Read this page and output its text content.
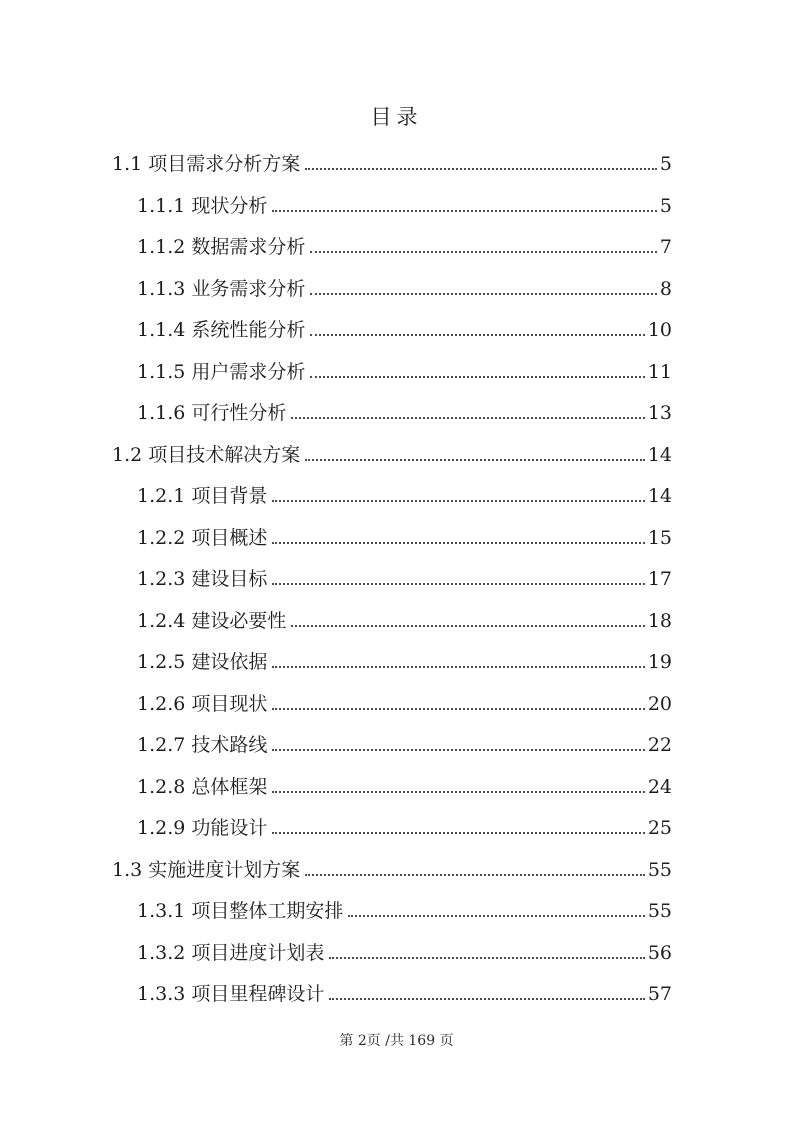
目录
1.1 项目需求分析方案	5
1.1.1 现状分析	5
1.1.2 数据需求分析	7
1.1.3 业务需求分析	8
1.1.4 系统性能分析	10
1.1.5 用户需求分析	11
1.1.6 可行性分析	13
1.2 项目技术解决方案	14
1.2.1 项目背景	14
1.2.2 项目概述	15
1.2.3 建设目标	17
1.2.4 建设必要性	18
1.2.5 建设依据	19
1.2.6 项目现状	20
1.2.7 技术路线	22
1.2.8 总体框架	24
1.2.9 功能设计	25
1.3 实施进度计划方案	55
1.3.1 项目整体工期安排	55
1.3.2 项目进度计划表	56
1.3.3 项目里程碑设计	57
第 2页 /共 169 页
